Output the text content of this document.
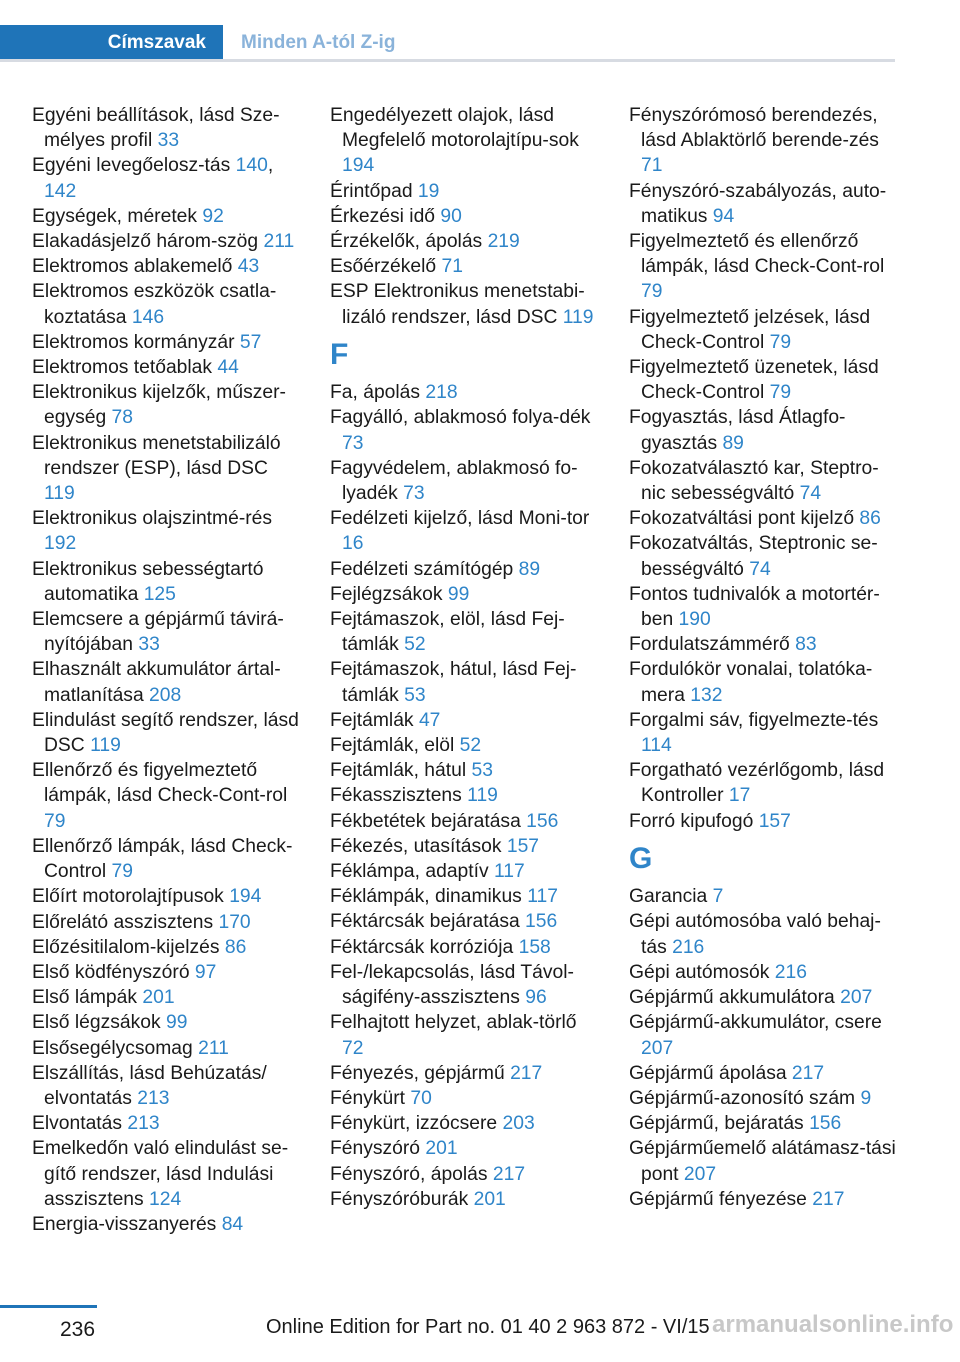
Címszavak	Minden A-tól Z-ig
Egyéni beállítások, lásd Sze‐mélyes profil 33
Egyéni levegőelosz‐tás 140, 142
Egységek, méretek 92
Elakadásjelző három‐szög 211
Elektromos ablakemelő 43
Elektromos eszközök csatla‐koztatása 146
Elektromos kormányzár 57
Elektromos tetőablak 44
Elektronikus kijelzők, műszer‐egység 78
Elektronikus menetstabilizáló rendszer (ESP), lásd DSC 119
Elektronikus olajszintmé‐rés 192
Elektronikus sebességtartó automatika 125
Elemcsere a gépjármű távirá‐nyítójában 33
Elhasznált akkumulátor ártal‐matlanítása 208
Elindulást segítő rendszer, lásd DSC 119
Ellenőrző és figyelmeztető lámpák, lásd Check-Cont‐rol 79
Ellenőrző lámpák, lásd Check-Control 79
Előírt motorolajtípusok 194
Előrelátó asszisztens 170
Előzésitilalom-kijelzés 86
Első ködfényszóró 97
Első lámpák 201
Első légzsákok 99
Elsősegélycsomag 211
Elszállítás, lásd Behúzatás/ elvontatás 213
Elvontatás 213
Emelkedőn való elindulást se‐gítő rendszer, lásd Indulási asszisztens 124
Energia-visszanyerés 84
Engedélyezett olajok, lásd Megfelelő motorolajtípu‐sok 194
Érintőpad 19
Érkezési idő 90
Érzékelők, ápolás 219
Esőérzékelő 71
ESP Elektronikus menetstabi‐lizáló rendszer, lásd DSC 119
F
Fa, ápolás 218
Fagyálló, ablakmosó folya‐dék 73
Fagyvédelem, ablakmosó fo‐lyadék 73
Fedélzeti kijelző, lásd Moni‐tor 16
Fedélzeti számítógép 89
Fejlégzsákok 99
Fejtámaszok, elöl, lásd Fej‐támlák 52
Fejtámaszok, hátul, lásd Fej‐támlák 53
Fejtámlák 47
Fejtámlák, elöl 52
Fejtámlák, hátul 53
Fékasszisztens 119
Fékbetétek bejáratása 156
Fékezés, utasítások 157
Féklámpa, adaptív 117
Féklámpák, dinamikus 117
Féktárcsák bejáratása 156
Féktárcsák korróziója 158
Fel-/lekapcsolás, lásd Távol‐ságifény-asszisztens 96
Felhajtott helyzet, ablak‐törlő 72
Fényezés, gépjármű 217
Fénykürt 70
Fénykürt, izzócsere 203
Fényszóró 201
Fényszóró, ápolás 217
Fényszóróburák 201
Fényszórómosó berendezés, lásd Ablaktörlő berende‐zés 71
Fényszóró-szabályozás, auto‐matikus 94
Figyelmeztető és ellenőrző lámpák, lásd Check-Cont‐rol 79
Figyelmeztető jelzések, lásd Check-Control 79
Figyelmeztető üzenetek, lásd Check-Control 79
Fogyasztás, lásd Átlagfo‐gyasztás 89
Fokozatválasztó kar, Steptro‐nic sebességváltó 74
Fokozatváltási pont kijelző 86
Fokozatváltás, Steptronic se‐bességváltó 74
Fontos tudnivalók a motortér‐ben 190
Fordulatszámmérő 83
Fordulókör vonalai, tolatóka‐mera 132
Forgalmi sáv, figyelmezte‐tés 114
Forgatható vezérlőgomb, lásd Kontroller 17
Forró kipufogó 157
G
Garancia 7
Gépi autómosóba való behaj‐tás 216
Gépi autómosók 216
Gépjármű akkumulátora 207
Gépjármű-akkumulátor, csere 207
Gépjármű ápolása 217
Gépjármű-azonosító szám 9
Gépjármű, bejáratás 156
Gépjárműemelő alátámasz‐tási pont 207
Gépjármű fényezése 217
236	Online Edition for Part no. 01 40 2 963 872 - VI/15 armanualsonline.info
